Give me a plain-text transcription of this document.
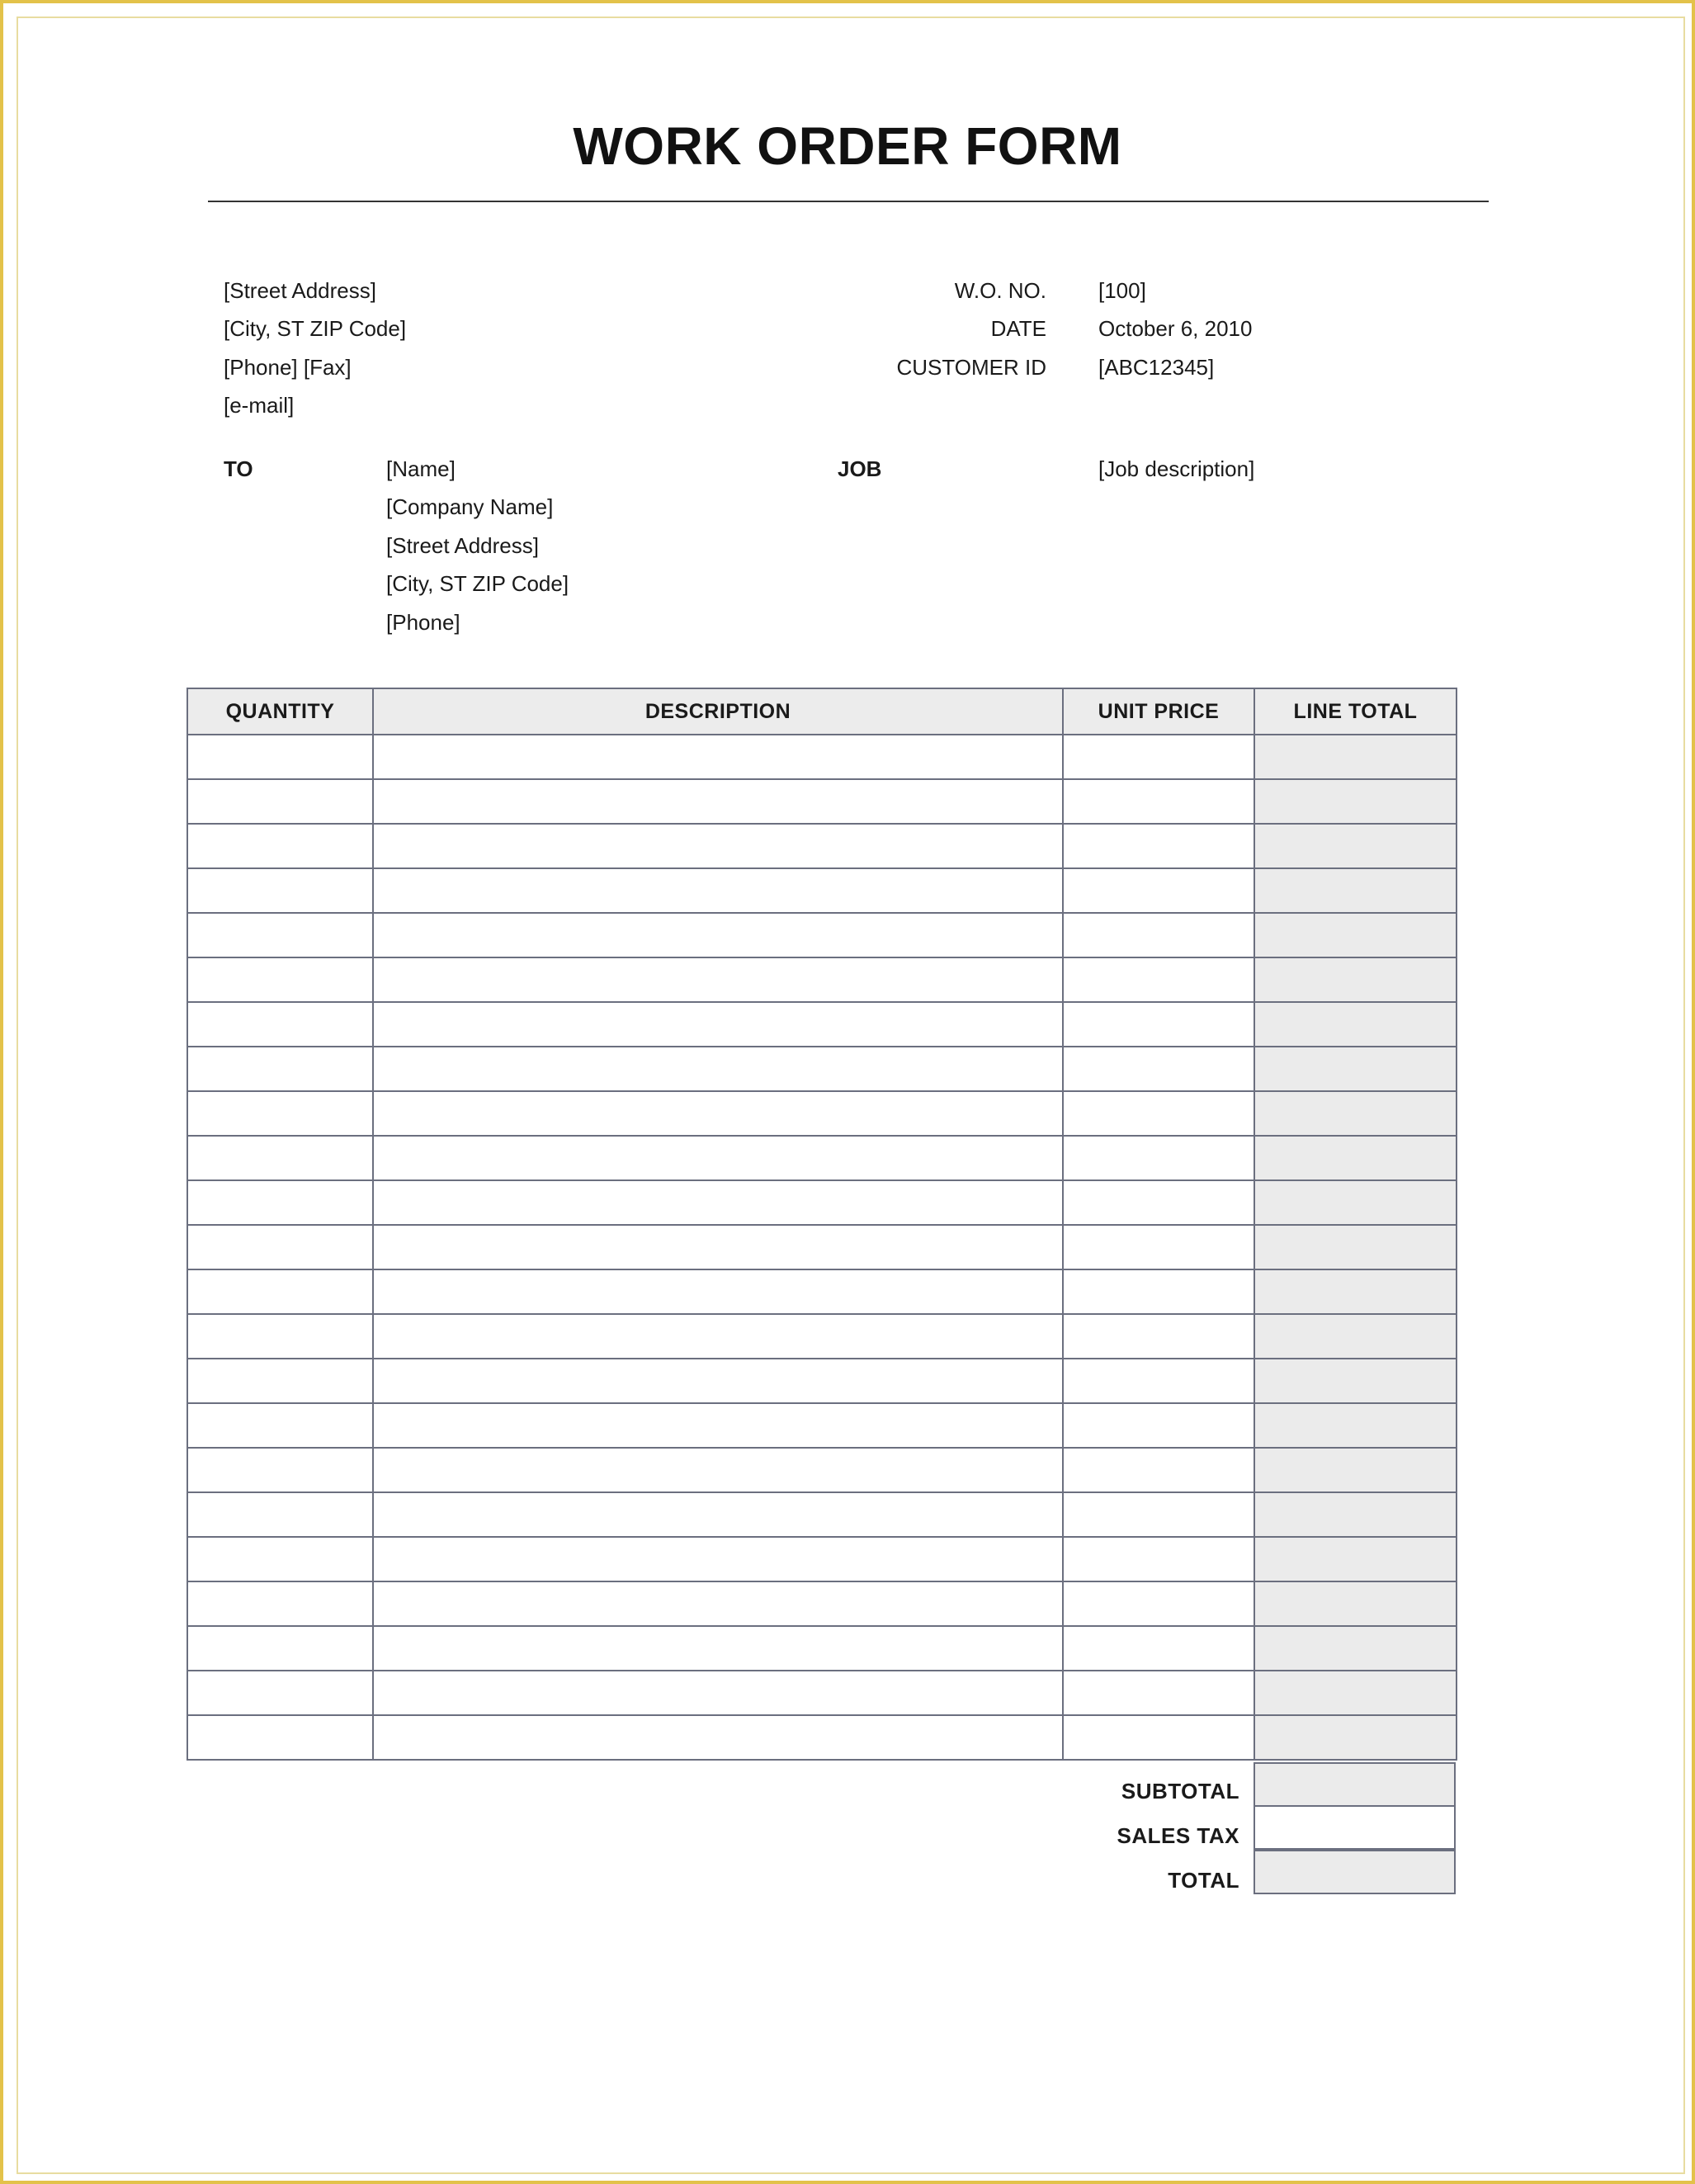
WORK ORDER FORM
[Street Address]
[City, ST ZIP Code]
[Phone] [Fax]
[e-mail]
W.O. NO. [100]
DATE October 6, 2010
CUSTOMER ID [ABC12345]
TO	[Name]
[Company Name]
[Street Address]
[City, ST ZIP Code]
[Phone]
JOB	[Job description]
QUANTITY	DESCRIPTION	UNIT PRICE	LINE TOTAL

SUBTOTAL
SALES TAX
TOTAL
